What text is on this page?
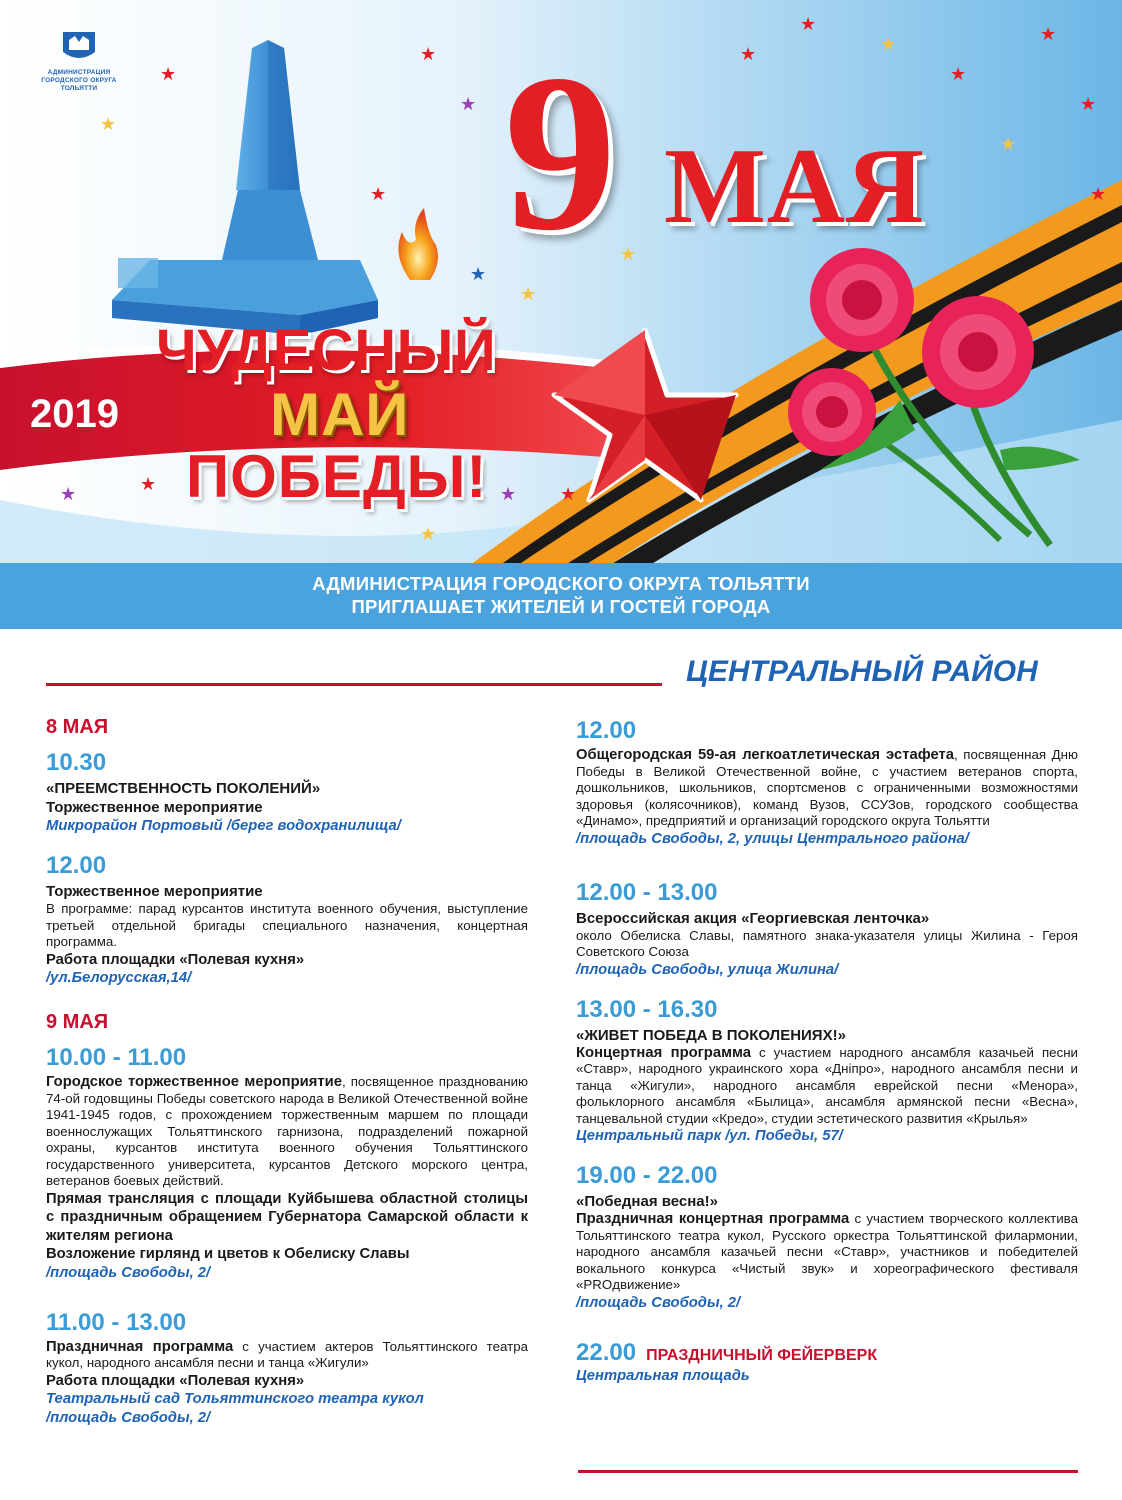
★
★
★
★
★
★
★
★
★
★
★
★
★
★	★	★ ★
★
★
★
★
АДМИНИСТРАЦИЯ
ГОРОДСКОГО ОКРУГА
ТОЛЬЯТТИ 9 МАЯ
ЧУДЕСНЫЙ
МАЙ
ПОБЕДЫ!
2019
АДМИНИСТРАЦИЯ ГОРОДСКОГО ОКРУГА ТОЛЬЯТТИ
ПРИГЛАШАЕТ ЖИТЕЛЕЙ И ГОСТЕЙ ГОРОДА
ЦЕНТРАЛЬНЫЙ РАЙОН
8 МАЯ
10.30
«ПРЕЕМСТВЕННОСТЬ ПОКОЛЕНИЙ»
Торжественное мероприятие
Микрорайон Портовый /берег водохранилища/
12.00
Торжественное мероприятие
В программе: парад курсантов института военного обучения, выступление третьей отдельной бригады специального назначения, концертная программа.
Работа площадки «Полевая кухня»
/ул.Белорусская,14/
9 МАЯ
10.00 - 11.00
Городское торжественное мероприятие, посвященное празднованию 74-ой годовщины Победы советского народа в Великой Отечественной войне 1941-1945 годов, с прохождением торжественным маршем по площади военнослужащих Тольяттинского гарнизона, подразделений пожарной охраны, курсантов института военного обучения Тольяттинского государственного университета, курсантов Детского морского центра, ветеранов боевых действий.
Прямая трансляция с площади Куйбышева областной столицы с праздничным обращением Губернатора Самарской области к жителям региона
Возложение гирлянд и цветов к Обелиску Славы
/площадь Свободы, 2/
11.00 - 13.00
Праздничная программа с участием актеров Тольяттинского театра кукол, народного ансамбля песни и танца «Жигули»
Работа площадки «Полевая кухня»
Театральный сад Тольяттинского театра кукол
/площадь Свободы, 2/
12.00
Общегородская 59-ая легкоатлетическая эстафета, посвященная Дню Победы в Великой Отечественной войне, с участием ветеранов спорта, дошкольников, школьников, спортсменов с ограниченными возможностями здоровья (колясочников), команд Вузов, ССУЗов, городского сообщества «Динамо», предприятий и организаций городского округа Тольятти
/площадь Свободы, 2, улицы Центрального района/
12.00 - 13.00
Всероссийская акция «Георгиевская ленточка»
около Обелиска Славы, памятного знака-указателя улицы Жилина - Героя Советского Союза
/площадь Свободы, улица Жилина/
13.00 - 16.30
«ЖИВЕТ ПОБЕДА В ПОКОЛЕНИЯХ!»
Концертная программа с участием народного ансамбля казачьей песни «Ставр», народного украинского хора «Днiпро», народного ансамбля песни и танца «Жигули», народного ансамбля еврейской песни «Менора», фольклорного ансамбля «Былица», ансамбля армянской песни «Весна», танцевальной студии «Кредо», студии эстетического развития «Крылья»
Центральный парк /ул. Победы, 57/
19.00 - 22.00
«Победная весна!»
Праздничная концертная программа с участием творческого коллектива Тольяттинского театра кукол, Русского оркестра Тольяттинской филармонии, народного ансамбля казачьей песни «Ставр», участников и победителей вокального конкурса «Чистый звук» и хореографического фестиваля «PROдвижение»
/площадь Свободы, 2/
22.00 ПРАЗДНИЧНЫЙ ФЕЙЕРВЕРК
Центральная площадь
